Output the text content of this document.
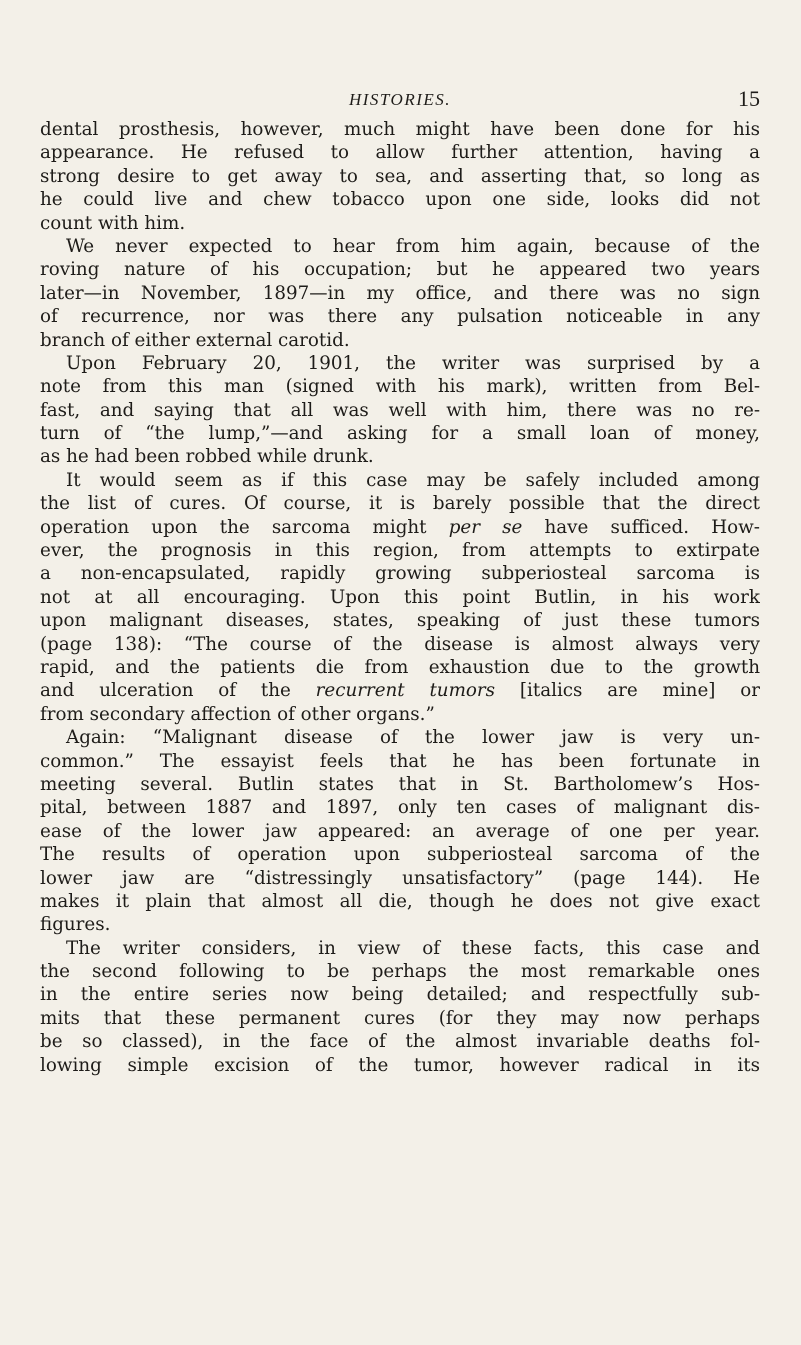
HISTORIES.	15
dental prosthesis, however, much might have been done for his
appearance. He refused to allow further attention, having a
strong desire to get away to sea, and asserting that, so long as
he could live and chew tobacco upon one side, looks did not
count with him.
We never expected to hear from him again, because of the
roving nature of his occupation; but he appeared two years
later—in November, 1897—in my office, and there was no sign
of recurrence, nor was there any pulsation noticeable in any
branch of either external carotid.
Upon February 20, 1901, the writer was surprised by a
note from this man (signed with his mark), written from Bel-
fast, and saying that all was well with him, there was no re-
turn of “the lump,”—and asking for a small loan of money,
as he had been robbed while drunk.
It would seem as if this case may be safely included among
the list of cures. Of course, it is barely possible that the direct
operation upon the sarcoma might per se have sufficed. How-
ever, the prognosis in this region, from attempts to extirpate
a non-encapsulated, rapidly growing subperiosteal sarcoma is
not at all encouraging. Upon this point Butlin, in his work
upon malignant diseases, states, speaking of just these tumors
(page 138): “The course of the disease is almost always very
rapid, and the patients die from exhaustion due to the growth
and ulceration of the recurrent tumors [italics are mine] or
from secondary affection of other organs.”
Again: “Malignant disease of the lower jaw is very un-
common.” The essayist feels that he has been fortunate in
meeting several. Butlin states that in St. Bartholomew’s Hos-
pital, between 1887 and 1897, only ten cases of malignant dis-
ease of the lower jaw appeared: an average of one per year.
The results of operation upon subperiosteal sarcoma of the
lower jaw are “distressingly unsatisfactory” (page 144). He
makes it plain that almost all die, though he does not give exact
figures.
The writer considers, in view of these facts, this case and
the second following to be perhaps the most remarkable ones
in the entire series now being detailed; and respectfully sub-
mits that these permanent cures (for they may now perhaps
be so classed), in the face of the almost invariable deaths fol-
lowing simple excision of the tumor, however radical in its
